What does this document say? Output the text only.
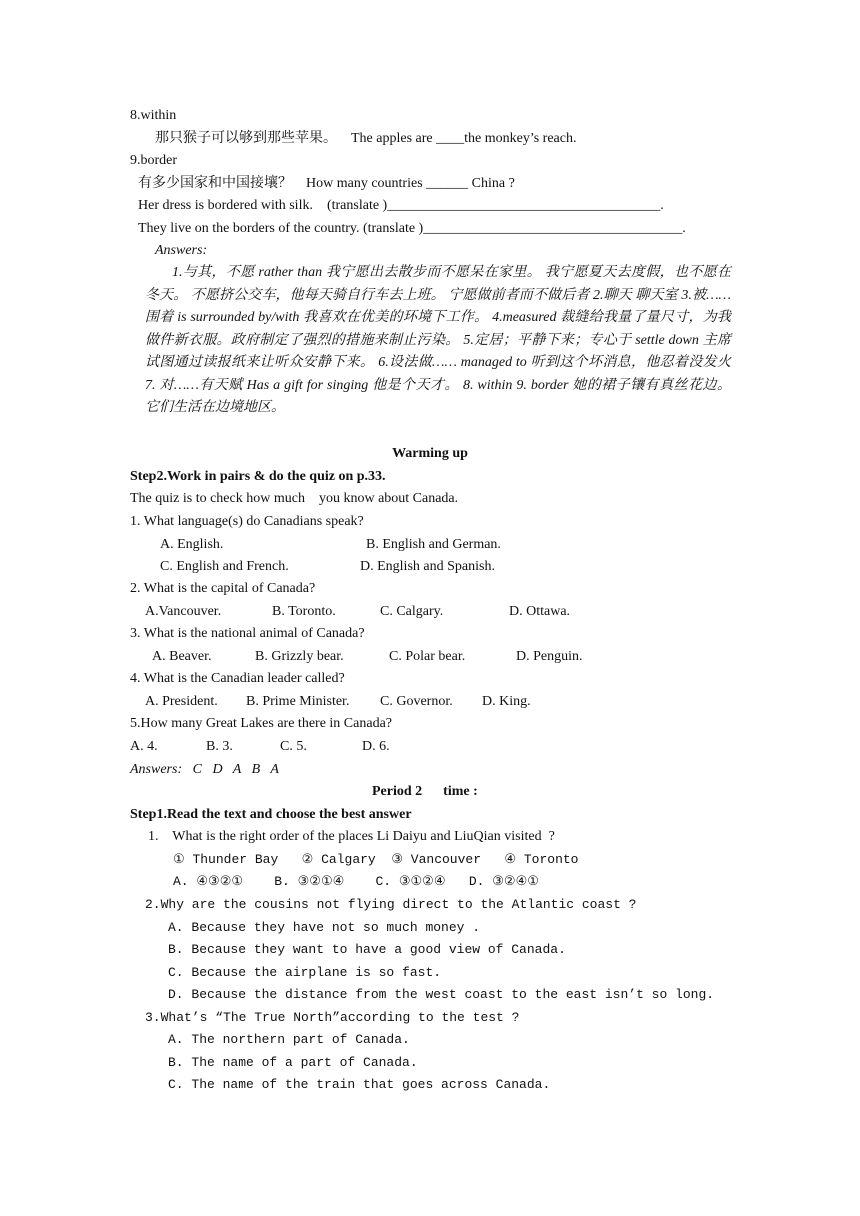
8.within
那只猴子可以够到那些苹果。    The apples are ____the monkey’s reach.
9.border
有多少国家和中国接壤？    How many countries ______ China ?
Her dress is bordered with silk.    (translate )_______________________________________.
They live on the borders of the country. (translate )_____________________________________.
Answers:
1.与其，不愿 rather than 我宁愿出去散步而不愿呆在家里。 我宁愿夏天去度假，也不愿在冬天。 不愿挤公交车，他每天骑自行车去上班。 宁愿做前者而不做后者 2.聊天 聊天室 3.被……围着 is surrounded by/with 我喜欢在优美的环境下工作。 4.measured 裁缝给我量了量尺寸，为我做件新衣服。政府制定了强烈的措施来制止污染。 5.定居；平静下来；专心于 settle down 主席试图通过读报纸来让听众安静下来。 6.设法做…… managed to 听到这个坏消息，他忍着没发火 7. 对……有天赋 Has a gift for singing 他是个天才。 8. within 9. border 她的裙子镶有真丝花边。 它们生活在边境地区。
Warming up
Step2.Work in pairs & do the quiz on p.33.
The quiz is to check how much    you know about Canada.
1. What language(s) do Canadians speak?
A. English.	B. English and German.
C. English and French.	D. English and Spanish.
2. What is the capital of Canada?
A.Vancouver.	B. Toronto.	C. Calgary.	D. Ottawa.
3. What is the national animal of Canada?
A. Beaver.	B. Grizzly bear.	C. Polar bear.	D. Penguin.
4. What is the Canadian leader called?
A. President. B. Prime Minister. C. Governor. D. King.
5.How many Great Lakes are there in Canada?
A. 4.	B. 3.	C. 5.	D. 6.
Answers:   C   D   A   B   A
Period 2      time :
Step1.Read the text and choose the best answer
1.    What is the right order of the places Li Daiyu and LiuQian visited  ?
① Thunder Bay   ② Calgary  ③ Vancouver   ④ Toronto
A. ④③②①    B. ③②①④    C. ③①②④   D. ③②④①
2.Why are the cousins not flying direct to the Atlantic coast ?
A. Because they have not so much money .
B. Because they want to have a good view of Canada.
C. Because the airplane is so fast.
D. Because the distance from the west coast to the east isn’t so long.
3.What’s “The True North”according to the test ?
A. The northern part of Canada.
B. The name of a part of Canada.
C. The name of the train that goes across Canada.
